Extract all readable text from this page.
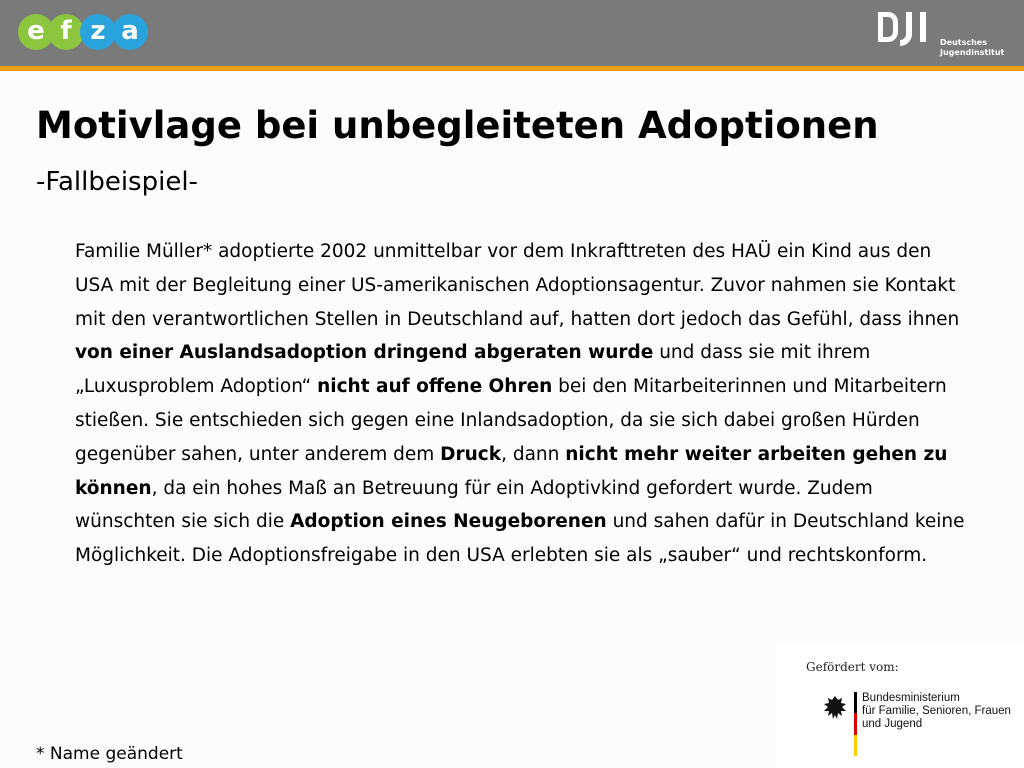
e f z a	Deutsches
Jugendinstitut
Motivlage bei unbegleiteten Adoptionen
-Fallbeispiel-

Familie Müller* adoptierte 2002 unmittelbar vor dem Inkrafttreten des HAÜ ein Kind aus den USA mit der Begleitung einer US-amerikanischen Adoptionsagentur. Zuvor nahmen sie Kontakt mit den verantwortlichen Stellen in Deutschland auf, hatten dort jedoch das Gefühl, dass ihnen von einer Auslandsadoption dringend abgeraten wurde und dass sie mit ihrem „Luxusproblem Adoption“ nicht auf offene Ohren bei den Mitarbeiterinnen und Mitarbeitern stießen. Sie entschieden sich gegen eine Inlandsadoption, da sie sich dabei großen Hürden gegenüber sahen, unter anderem dem Druck, dann nicht mehr weiter arbeiten gehen zu können, da ein hohes Maß an Betreuung für ein Adoptivkind gefordert wurde. Zudem wünschten sie sich die Adoption eines Neugeborenen und sahen dafür in Deutschland keine Möglichkeit. Die Adoptionsfreigabe in den USA erlebten sie als „sauber“ und rechtskonform.

* Name geändert
Gefördert vom:
Bundesministerium
für Familie, Senioren, Frauen
und Jugend
